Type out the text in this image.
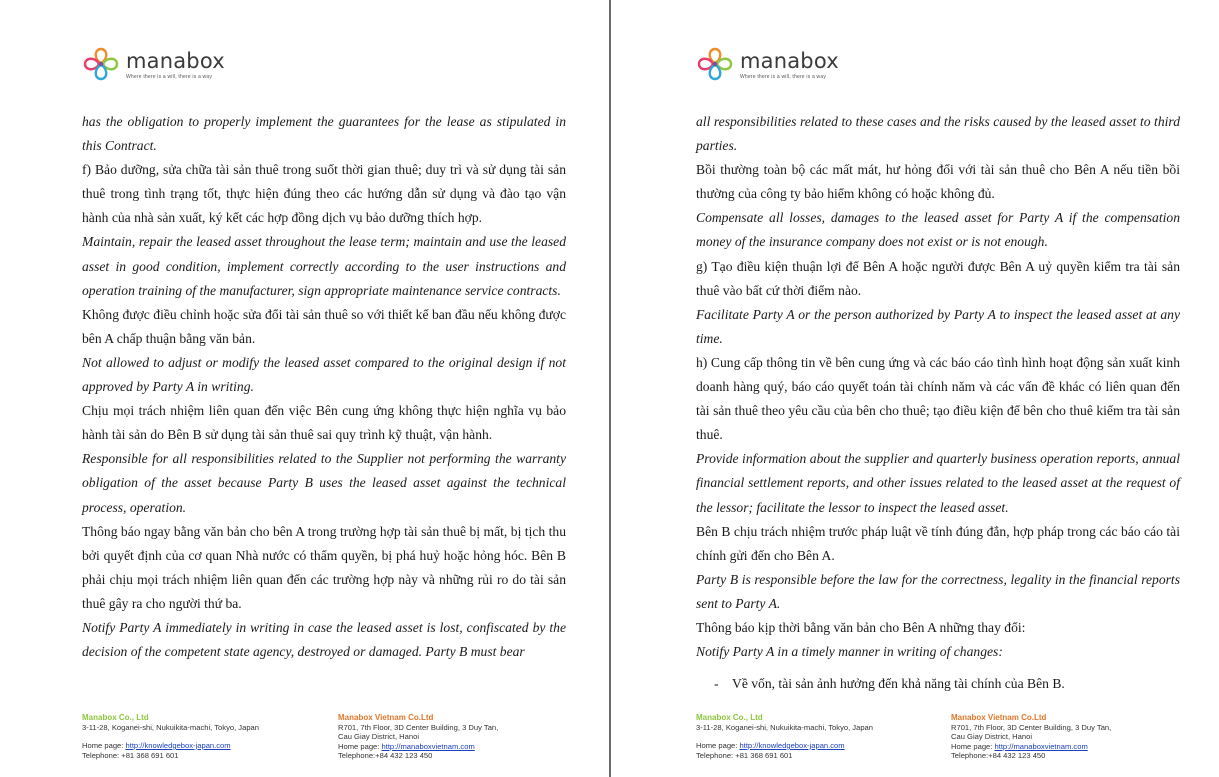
manabox
Where there is a will, there is a way

has the obligation to properly implement the guarantees for the lease as stipulated in this Contract.

f) Bảo dưỡng, sửa chữa tài sản thuê trong suốt thời gian thuê; duy trì và sử dụng tài sản thuê trong tình trạng tốt, thực hiện đúng theo các hướng dẫn sử dụng và đào tạo vận hành của nhà sản xuất, ký kết các hợp đồng dịch vụ bảo dưỡng thích hợp.

Maintain, repair the leased asset throughout the lease term; maintain and use the leased asset in good condition, implement correctly according to the user instructions and operation training of the manufacturer, sign appropriate maintenance service contracts.

Không được điều chỉnh hoặc sửa đổi tài sản thuê so với thiết kế ban đầu nếu không được bên A chấp thuận bằng văn bản.

Not allowed to adjust or modify the leased asset compared to the original design if not approved by Party A in writing.

Chịu mọi trách nhiệm liên quan đến việc Bên cung ứng không thực hiện nghĩa vụ bảo hành tài sản do Bên B sử dụng tài sản thuê sai quy trình kỹ thuật, vận hành.

Responsible for all responsibilities related to the Supplier not performing the warranty obligation of the asset because Party B uses the leased asset against the technical process, operation.

Thông báo ngay bằng văn bản cho bên A trong trường hợp tài sản thuê bị mất, bị tịch thu bởi quyết định của cơ quan Nhà nước có thẩm quyền, bị phá huỷ hoặc hỏng hóc. Bên B phải chịu mọi trách nhiệm liên quan đến các trường hợp này và những rủi ro do tài sản thuê gây ra cho người thứ ba.

Notify Party A immediately in writing in case the leased asset is lost, confiscated by the decision of the competent state agency, destroyed or damaged. Party B must bear

Manabox Co., Ltd
3-11-28, Koganei-shi, Nukuikita-machi, Tokyo, Japan
Home page: http://knowledgebox-japan.com
Telephone: +81 368 691 601
Manabox Vietnam Co.Ltd
R701, 7th Floor, 3D Center Building, 3 Duy Tan,
Cau Giay District, Hanoi
Home page: http://manaboxvietnam.com
Telephone:+84 432 123 450
manabox
Where there is a will, there is a way

all responsibilities related to these cases and the risks caused by the leased asset to third parties.

Bồi thường toàn bộ các mất mát, hư hỏng đối với tài sản thuê cho Bên A nếu tiền bồi thường của công ty bảo hiểm không có hoặc không đủ.

Compensate all losses, damages to the leased asset for Party A if the compensation money of the insurance company does not exist or is not enough.

g) Tạo điều kiện thuận lợi để Bên A hoặc người được Bên A uỷ quyền kiểm tra tài sản thuê vào bất cứ thời điểm nào.

Facilitate Party A or the person authorized by Party A to inspect the leased asset at any time.

h) Cung cấp thông tin về bên cung ứng và các báo cáo tình hình hoạt động sản xuất kinh doanh hàng quý, báo cáo quyết toán tài chính năm và các vấn đề khác có liên quan đến tài sản thuê theo yêu cầu của bên cho thuê; tạo điều kiện để bên cho thuê kiểm tra tài sản thuê.

Provide information about the supplier and quarterly business operation reports, annual financial settlement reports, and other issues related to the leased asset at the request of the lessor; facilitate the lessor to inspect the leased asset.

Bên B chịu trách nhiệm trước pháp luật về tính đúng đắn, hợp pháp trong các báo cáo tài chính gửi đến cho Bên A.

Party B is responsible before the law for the correctness, legality in the financial reports sent to Party A.

Thông báo kịp thời bằng văn bản cho Bên A những thay đổi:

Notify Party A in a timely manner in writing of changes:

- Về vốn, tài sản ảnh hưởng đến khả năng tài chính của Bên B.

Manabox Co., Ltd
3-11-28, Koganei-shi, Nukuikita-machi, Tokyo, Japan
Home page: http://knowledgebox-japan.com
Telephone: +81 368 691 601
Manabox Vietnam Co.Ltd
R701, 7th Floor, 3D Center Building, 3 Duy Tan,
Cau Giay District, Hanoi
Home page: http://manaboxvietnam.com
Telephone:+84 432 123 450
